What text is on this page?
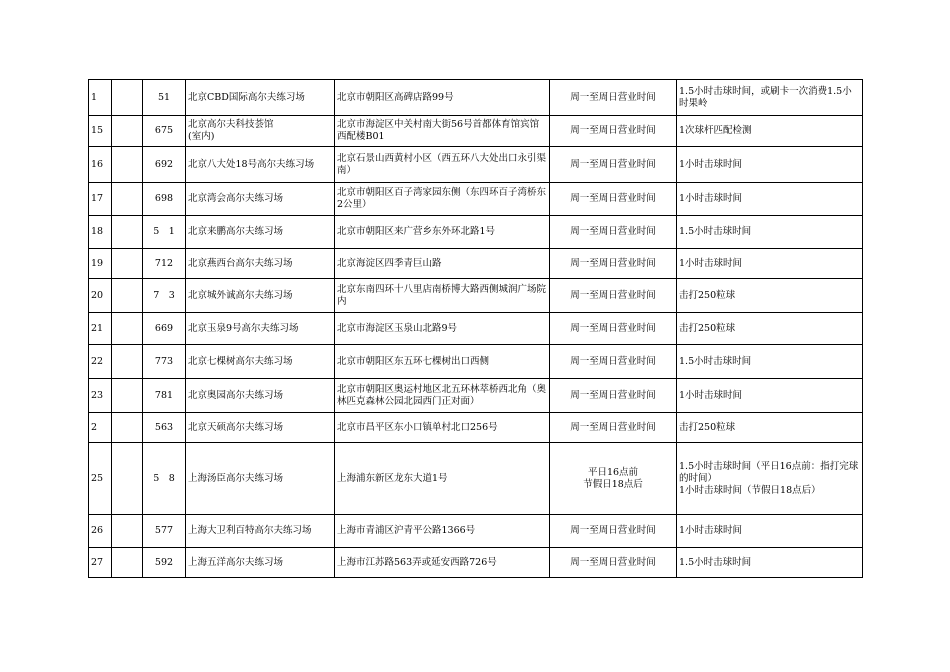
1		51	北京CBD国际高尔夫练习场	北京市朝阳区高碑店路99号	周一至周日营业时间	1.5小时击球时间，或刷卡一次消费1.5小时果岭
15		675	北京高尔夫科技荟馆
(室内)	北京市海淀区中关村南大街56号首都体育馆宾馆西配楼B01	周一至周日营业时间	1次球杆匹配检测
16		692	北京八大处18号高尔夫练习场	北京石景山西黄村小区（西五环八大处出口永引渠南）	周一至周日营业时间	1小时击球时间
17		698	北京湾会高尔夫练习场	北京市朝阳区百子湾家园东侧（东四环百子湾桥东2公里）	周一至周日营业时间	1小时击球时间
18		5　1	北京来鹏高尔夫练习场	北京市朝阳区来广营乡东外环北路1号	周一至周日营业时间	1.5小时击球时间
19		712	北京燕西台高尔夫练习场	北京海淀区四季青巨山路	周一至周日营业时间	1小时击球时间
20		7　3	北京城外诚高尔夫练习场	北京东南四环十八里店南桥博大路西侧城润广场院内	周一至周日营业时间	击打250粒球
21		669	北京玉泉9号高尔夫练习场	北京市海淀区玉泉山北路9号	周一至周日营业时间	击打250粒球
22		773	北京七棵树高尔夫练习场	北京市朝阳区东五环七棵树出口西侧	周一至周日营业时间	1.5小时击球时间
23		781	北京奥园高尔夫练习场	北京市朝阳区奥运村地区北五环林萃桥西北角（奥林匹克森林公园北园西门正对面）	周一至周日营业时间	1小时击球时间
2		563	北京天硕高尔夫练习场	北京市昌平区东小口镇单村北口256号	周一至周日营业时间	击打250粒球
25		5　8	上海汤臣高尔夫练习场	上海浦东新区龙东大道1号	平日16点前
节假日18点后	1.5小时击球时间（平日16点前：指打完球的时间）
1小时击球时间（节假日18点后）
26		577	上海大卫利百特高尔夫练习场	上海市青浦区沪青平公路1366号	周一至周日营业时间	1小时击球时间
27		592	上海五洋高尔夫练习场	上海市江苏路563弄或延安西路726号	周一至周日营业时间	1.5小时击球时间
